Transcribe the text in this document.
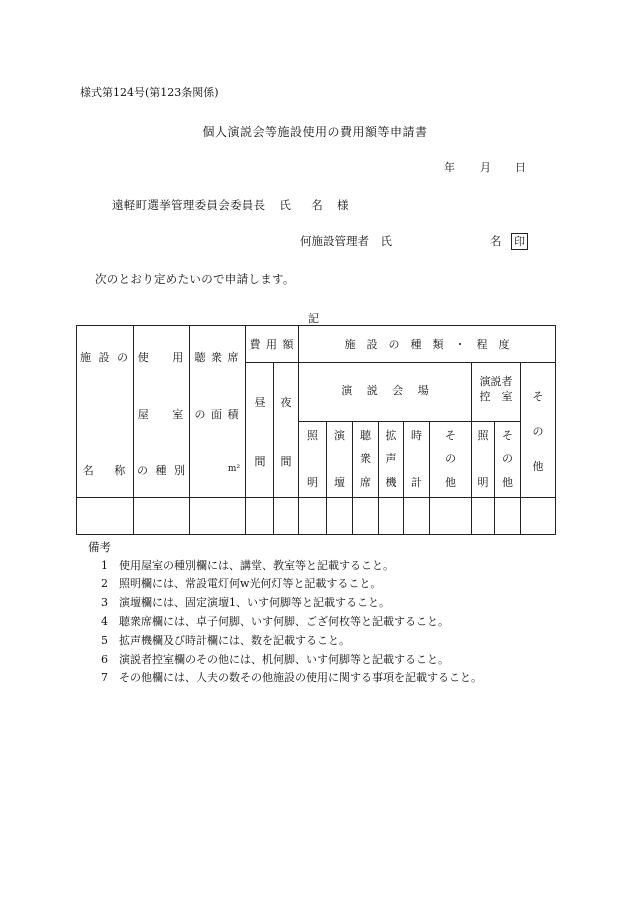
様式第124号(第123条関係)
個人演説会等施設使用の費用額等申請書
年 月 日
遠軽町選挙管理委員会委員長 氏 名 様
何施設管理者　氏	名 印
次のとおり定めたいので申請します。
記
施 設 の
名　 称
使　 用
屋　 室
の 種 別
聴 衆 席
の 面 積
m²
費 用 額
昼
間
夜
間
施　設　の　種　類　・　程　度
演　 説　 会　 場
演説者
控　室	そ
の
他
照
明
演
壇
聴
衆
席
拡
声
機
時
計
そ
の
他
照
明
そ
の
他
備考
1 使用屋室の種別欄には、講堂、教室等と記載すること。
2 照明欄には、常設電灯何w光何灯等と記載すること。
3 演壇欄には、固定演壇1、いす何脚等と記載すること。
4 聴衆席欄には、卓子何脚、いす何脚、ござ何枚等と記載すること。
5 拡声機欄及び時計欄には、数を記載すること。
6 演説者控室欄のその他には、机何脚、いす何脚等と記載すること。
7 その他欄には、人夫の数その他施設の使用に関する事項を記載すること。
